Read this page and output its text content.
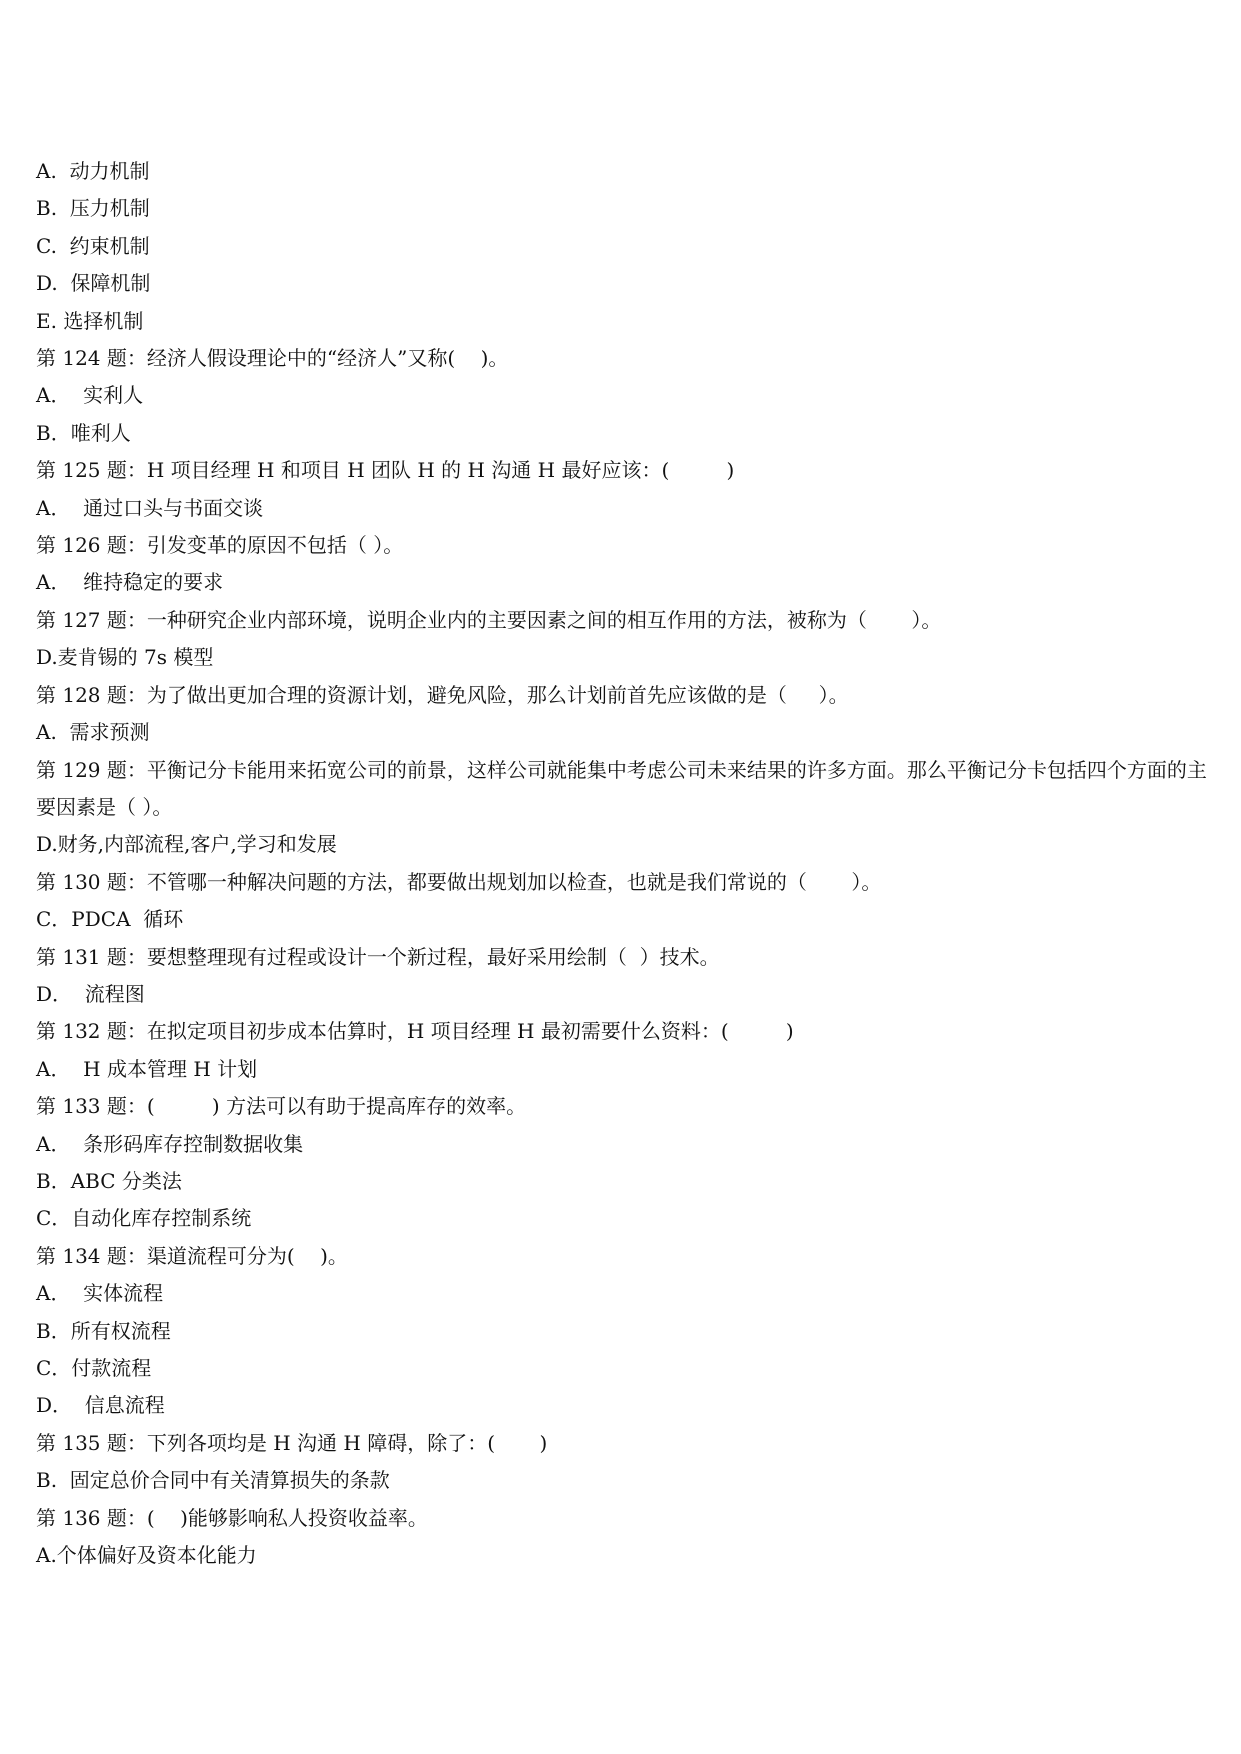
A.  动力机制

B.  压力机制

C.  约束机制

D.  保障机制

E. 选择机制

第 124 题：经济人假设理论中的“经济人”又称(    )。

A．  实利人

B．唯利人

第 125 题：H 项目经理 H 和项目 H 团队 H 的 H 沟通 H 最好应该：(         )

A．  通过口头与书面交谈

第 126 题：引发变革的原因不包括（ ）。

A．  维持稳定的要求

第 127 题：一种研究企业内部环境，说明企业内的主要因素之间的相互作用的方法，被称为（       ）。

D.麦肯锡的 7s 模型

第 128 题：为了做出更加合理的资源计划，避免风险，那么计划前首先应该做的是（     ）。

A.  需求预测

第 129 题：平衡记分卡能用来拓宽公司的前景，这样公司就能集中考虑公司未来结果的许多方面。那么平衡记分卡包括四个方面的主要因素是（ ）。

D.财务,内部流程,客户,学习和发展

第 130 题：不管哪一种解决问题的方法，都要做出规划加以检查，也就是我们常说的（       ）。

C．PDCA  循环

第 131 题：要想整理现有过程或设计一个新过程，最好采用绘制（  ）技术。

D．  流程图

第 132 题：在拟定项目初步成本估算时，H 项目经理 H 最初需要什么资料：(         )

A．  H 成本管理 H 计划

第 133 题：(         ) 方法可以有助于提高库存的效率。

A．  条形码库存控制数据收集

B．ABC 分类法

C．自动化库存控制系统

第 134 题：渠道流程可分为(    )。

A．  实体流程

B．所有权流程

C．付款流程

D．  信息流程

第 135 题：下列各项均是 H 沟通 H 障碍，除了：(       )

B.  固定总价合同中有关清算损失的条款

第 136 题：(    )能够影响私人投资收益率。

A.个体偏好及资本化能力
